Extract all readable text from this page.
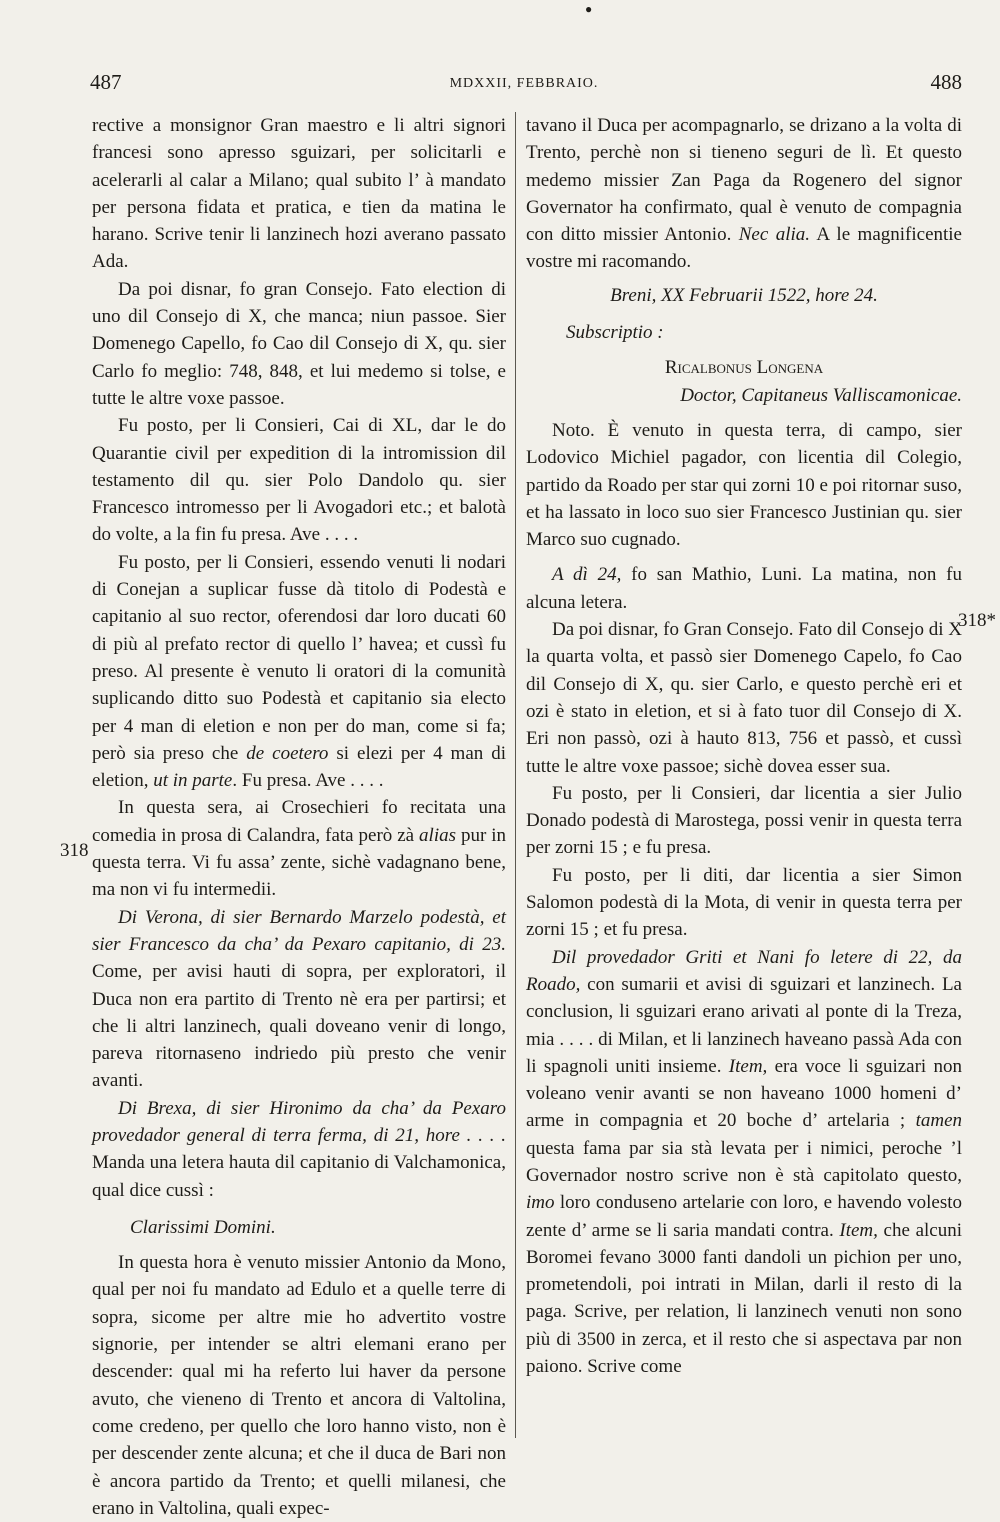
●
487	MDXXII, FEBBRAIO.	488
318
318*

rective a monsignor Gran maestro e li altri signori francesi sono apresso sguizari, per solicitarli e acelerarli al calar a Milano; qual subito l’ à mandato per persona fidata et pratica, e tien da matina le harano. Scrive tenir li lanzinech hozi averano passato Ada.

Da poi disnar, fo gran Consejo. Fato election di uno dil Consejo di X, che manca; niun passoe. Sier Domenego Capello, fo Cao dil Consejo di X, qu. sier Carlo fo meglio: 748, 848, et lui medemo si tolse, e tutte le altre voxe passoe.

Fu posto, per li Consieri, Cai di XL, dar le do Quarantie civil per expedition di la intromission dil testamento dil qu. sier Polo Dandolo qu. sier Francesco intromesso per li Avogadori etc.; et balotà do volte, a la fin fu presa. Ave . . . .

Fu posto, per li Consieri, essendo venuti li nodari di Conejan a suplicar fusse dà titolo di Podestà e capitanio al suo rector, oferendosi dar loro ducati 60 di più al prefato rector di quello l’ havea; et cussì fu preso. Al presente è venuto li oratori di la comunità suplicando ditto suo Podestà et capitanio sia electo per 4 man di eletion e non per do man, come si fa; però sia preso che de coetero si elezi per 4 man di eletion, ut in parte. Fu presa. Ave . . . .

In questa sera, ai Crosechieri fo recitata una comedia in prosa di Calandra, fata però zà alias pur in questa terra. Vi fu assa’ zente, sichè vadagnano bene, ma non vi fu intermedii.

Di Verona, di sier Bernardo Marzelo podestà, et sier Francesco da cha’ da Pexaro capitanio, di 23. Come, per avisi hauti di sopra, per exploratori, il Duca non era partito di Trento nè era per partirsi; et che li altri lanzinech, quali doveano venir di longo, pareva ritornaseno indriedo più presto che venir avanti.

Di Brexa, di sier Hironimo da cha’ da Pexaro provedador general di terra ferma, di 21, hore . . . . Manda una letera hauta dil capitanio di Valchamonica, qual dice cussì :

Clarissimi Domini.

In questa hora è venuto missier Antonio da Mono, qual per noi fu mandato ad Edulo et a quelle terre di sopra, sicome per altre mie ho advertito vostre signorie, per intender se altri elemani erano per descender: qual mi ha referto lui haver da persone avuto, che vieneno di Trento et ancora di Valtolina, come credeno, per quello che loro hanno visto, non è per descender zente alcuna; et che il duca de Bari non è ancora partido da Trento; et quelli milanesi, che erano in Valtolina, quali expec-

tavano il Duca per acompagnarlo, se drizano a la volta di Trento, perchè non si tieneno seguri de lì. Et questo medemo missier Zan Paga da Rogenero del signor Governator ha confirmato, qual è venuto de compagnia con ditto missier Antonio. Nec alia. A le magnificentie vostre mi racomando.

Breni, XX Februarii 1522, hore 24.

Subscriptio :

Ricalbonus Longena

Doctor, Capitaneus Valliscamonicae.

Noto. È venuto in questa terra, di campo, sier Lodovico Michiel pagador, con licentia dil Colegio, partido da Roado per star qui zorni 10 e poi ritornar suso, et ha lassato in loco suo sier Francesco Justinian qu. sier Marco suo cugnado.

A dì 24, fo san Mathio, Luni. La matina, non fu alcuna letera.

Da poi disnar, fo Gran Consejo. Fato dil Consejo di X la quarta volta, et passò sier Domenego Capelo, fo Cao dil Consejo di X, qu. sier Carlo, e questo perchè eri et ozi è stato in eletion, et si à fato tuor dil Consejo di X. Eri non passò, ozi à hauto 813, 756 et passò, et cussì tutte le altre voxe passoe; sichè dovea esser sua.

Fu posto, per li Consieri, dar licentia a sier Julio Donado podestà di Marostega, possi venir in questa terra per zorni 15 ; e fu presa.

Fu posto, per li diti, dar licentia a sier Simon Salomon podestà di la Mota, di venir in questa terra per zorni 15 ; et fu presa.

Dil provedador Griti et Nani fo letere di 22, da Roado, con sumarii et avisi di sguizari et lanzinech. La conclusion, li sguizari erano arivati al ponte di la Treza, mia . . . . di Milan, et li lanzinech haveano passà Ada con li spagnoli uniti insieme. Item, era voce li sguizari non voleano venir avanti se non haveano 1000 homeni d’ arme in compagnia et 20 boche d’ artelaria ; tamen questa fama par sia stà levata per i nimici, peroche ’l Governador nostro scrive non è stà capitolato questo, imo loro conduseno artelarie con loro, e havendo volesto zente d’ arme se li saria mandati contra. Item, che alcuni Boromei fevano 3000 fanti dandoli un pichion per uno, prometendoli, poi intrati in Milan, darli il resto di la paga. Scrive, per relation, li lanzinech venuti non sono più di 3500 in zerca, et il resto che si aspectava par non paiono. Scrive come
